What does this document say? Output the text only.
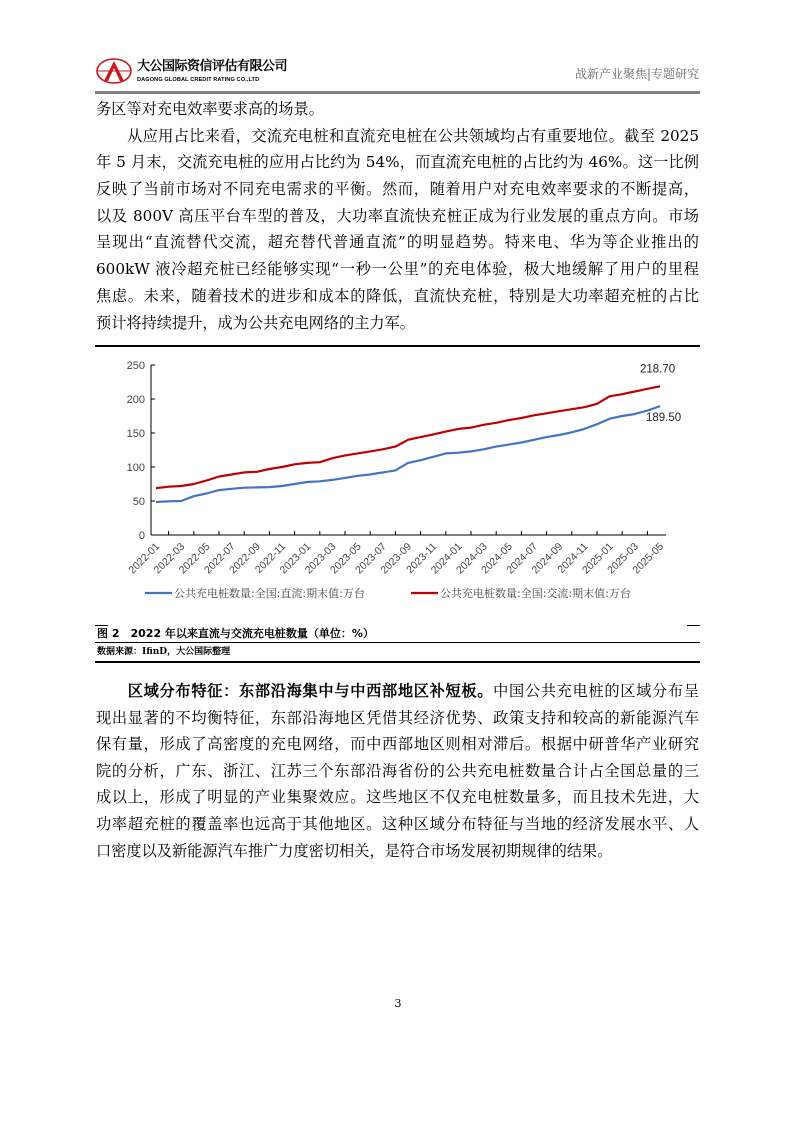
大公国际资信评估有限公司
DAGONG GLOBAL CREDIT RATING CO.,LTD	战新产业聚焦|专题研究
务区等对充电效率要求高的场景。
　　从应用占比来看，交流充电桩和直流充电桩在公共领域均占有重要地位。截至 2025
年 5 月末，交流充电桩的应用占比约为 54%，而直流充电桩的占比约为 46%。这一比例
反映了当前市场对不同充电需求的平衡。然而，随着用户对充电效率要求的不断提高，
以及 800V 高压平台车型的普及，大功率直流快充桩正成为行业发展的重点方向。市场
呈现出“直流替代交流，超充替代普通直流”的明显趋势。特来电、华为等企业推出的
600kW 液冷超充桩已经能够实现“一秒一公里”的充电体验，极大地缓解了用户的里程
焦虑。未来，随着技术的进步和成本的降低，直流快充桩，特别是大功率超充桩的占比
预计将持续提升，成为公共充电网络的主力军。
0
50
100
150
200
250
2022-01
2022-03
2022-05
2022-07
2022-09
2022-11
2023-01
2023-03
2023-05
2023-07
2023-09
2023-11
2024-01
2024-03
2024-05
2024-07
2024-09
2024-11
2025-01
2025-03
2025-05
189.50
公共充电桩数量:全国:直流:期末值:万台
218.70
公共充电桩数量:全国:交流:期末值:万台
图 2　2022 年以来直流与交流充电桩数量（单位：%）
数据来源：IfinD，大公国际整理
　　区域分布特征：东部沿海集中与中西部地区补短板。中国公共充电桩的区域分布呈
现出显著的不均衡特征，东部沿海地区凭借其经济优势、政策支持和较高的新能源汽车
保有量，形成了高密度的充电网络，而中西部地区则相对滞后。根据中研普华产业研究
院的分析，广东、浙江、江苏三个东部沿海省份的公共充电桩数量合计占全国总量的三
成以上，形成了明显的产业集聚效应。这些地区不仅充电桩数量多，而且技术先进，大
功率超充桩的覆盖率也远高于其他地区。这种区域分布特征与当地的经济发展水平、人
口密度以及新能源汽车推广力度密切相关，是符合市场发展初期规律的结果。
3
